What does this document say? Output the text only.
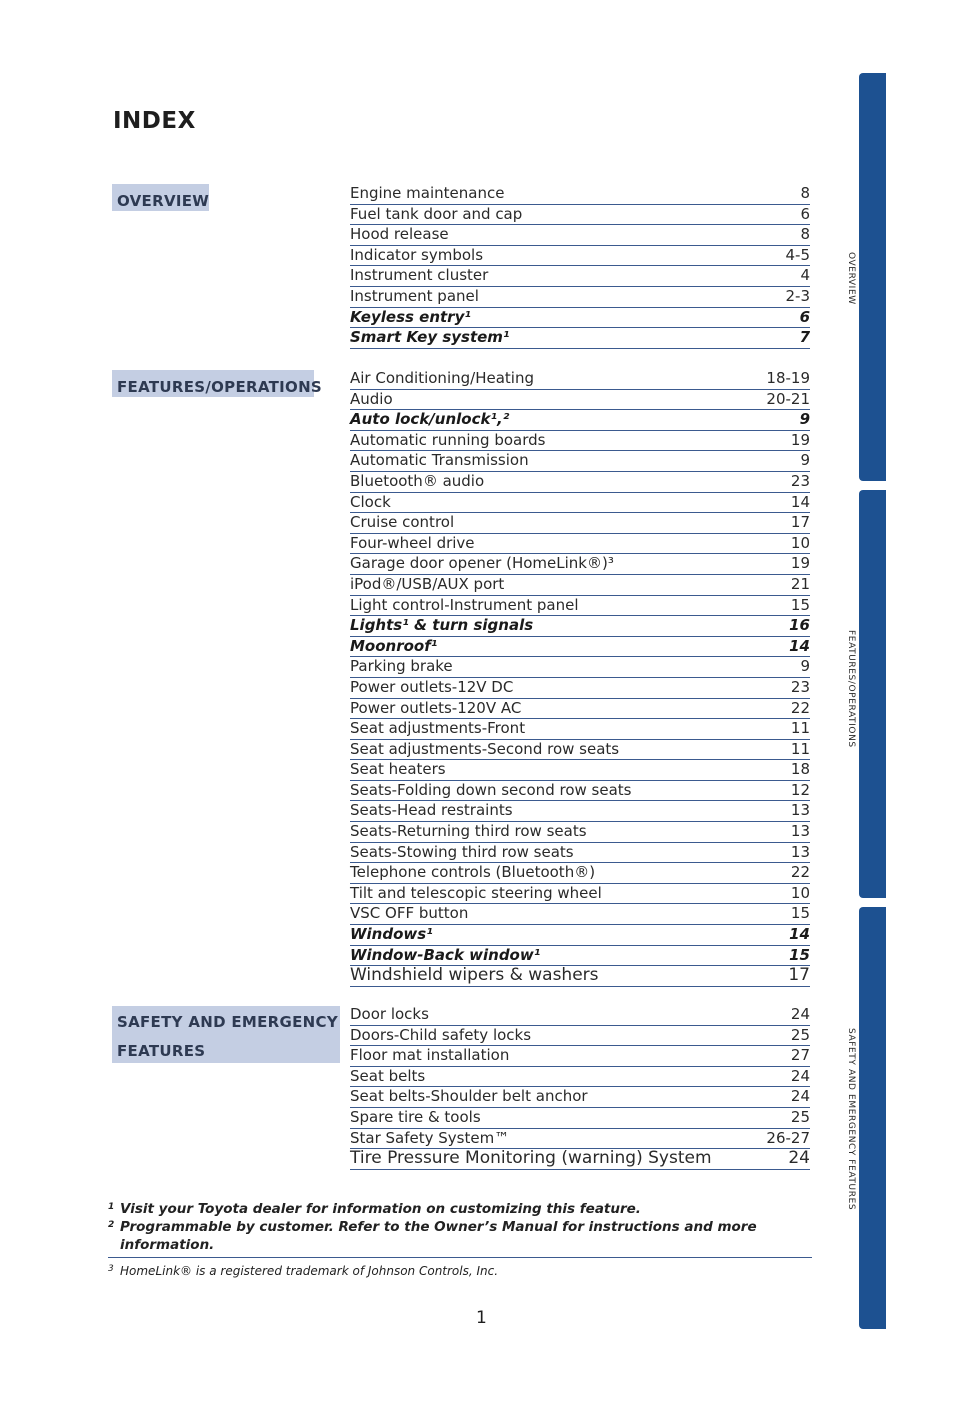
INDEX
OVERVIEW
FEATURES/OPERATIONS
SAFETY AND EMERGENCY
FEATURES
Engine maintenance	8
Fuel tank door and cap	6
Hood release	8
Indicator symbols	4-5
Instrument cluster	4
Instrument panel	2-3
Keyless entry¹	6
Smart Key system¹	7
Air Conditioning/Heating	18-19
Audio	20-21
Auto lock/unlock¹,²	9
Automatic running boards	19
Automatic Transmission	9
Bluetooth® audio	23
Clock	14
Cruise control	17
Four-wheel drive	10
Garage door opener (HomeLink®)³	19
iPod®/USB/AUX port	21
Light control-Instrument panel	15
Lights¹ & turn signals	16
Moonroof¹	14
Parking brake	9
Power outlets-12V DC	23
Power outlets-120V AC	22
Seat adjustments-Front	11
Seat adjustments-Second row seats	11
Seat heaters	18
Seats-Folding down second row seats	12
Seats-Head restraints	13
Seats-Returning third row seats	13
Seats-Stowing third row seats	13
Telephone controls (Bluetooth®)	22
Tilt and telescopic steering wheel	10
VSC OFF button	15
Windows¹	14
Window-Back window¹	15
Windshield wipers & washers	17
Door locks	24
Doors-Child safety locks	25
Floor mat installation	27
Seat belts	24
Seat belts-Shoulder belt anchor	24
Spare tire & tools	25
Star Safety System™	26-27
Tire Pressure Monitoring (warning) System	24
1 Visit your Toyota dealer for information on customizing this feature.
2 Programmable by customer. Refer to the Owner’s Manual for instructions and more information.
3 HomeLink® is a registered trademark of Johnson Controls, Inc.
1
OVERVIEW
FEATURES/OPERATIONS
SAFETY AND EMERGENCY FEATURES
